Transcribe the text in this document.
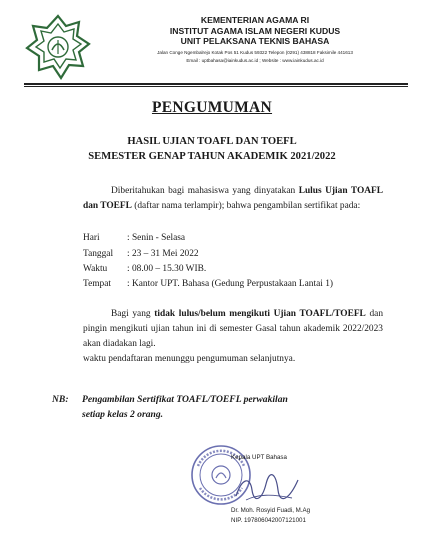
KEMENTERIAN AGAMA RI
INSTITUT AGAMA ISLAM NEGERI KUDUS
UNIT PELAKSANA TEKNIS BAHASA
Jalan Conge Ngembalrejo Kotak Pos 51 Kudus 59322 Telepon (0291) 438818 Faksimile 441613
Email : uptbahasa@iainkudus.ac.id ; Website : www.iainkudus.ac.id
PENGUMUMAN
HASIL UJIAN TOAFL DAN TOEFL
SEMESTER GENAP TAHUN AKADEMIK 2021/2022
Diberitahukan bagi mahasiswa yang dinyatakan Lulus Ujian TOAFL dan TOEFL (daftar nama terlampir); bahwa pengambilan sertifikat pada:
Hari	: Senin - Selasa
Tanggal : 23 – 31 Mei 2022
Waktu : 08.00 – 15.30 WIB.
Tempat : Kantor UPT. Bahasa (Gedung Perpustakaan Lantai 1)
Bagi yang tidak lulus/belum mengikuti Ujian TOAFL/TOEFL dan pingin mengikuti ujian tahun ini di semester Gasal tahun akademik 2022/2023 akan diadakan lagi.
waktu pendaftaran menunggu pengumuman selanjutnya.
NB: Pengambilan Sertifikat TOAFL/TOEFL perwakilan
setiap kelas 2 orang.
Kepala UPT Bahasa
Dr. Moh. Rosyid Fuadi, M.Ag
NIP. 197806042007121001
